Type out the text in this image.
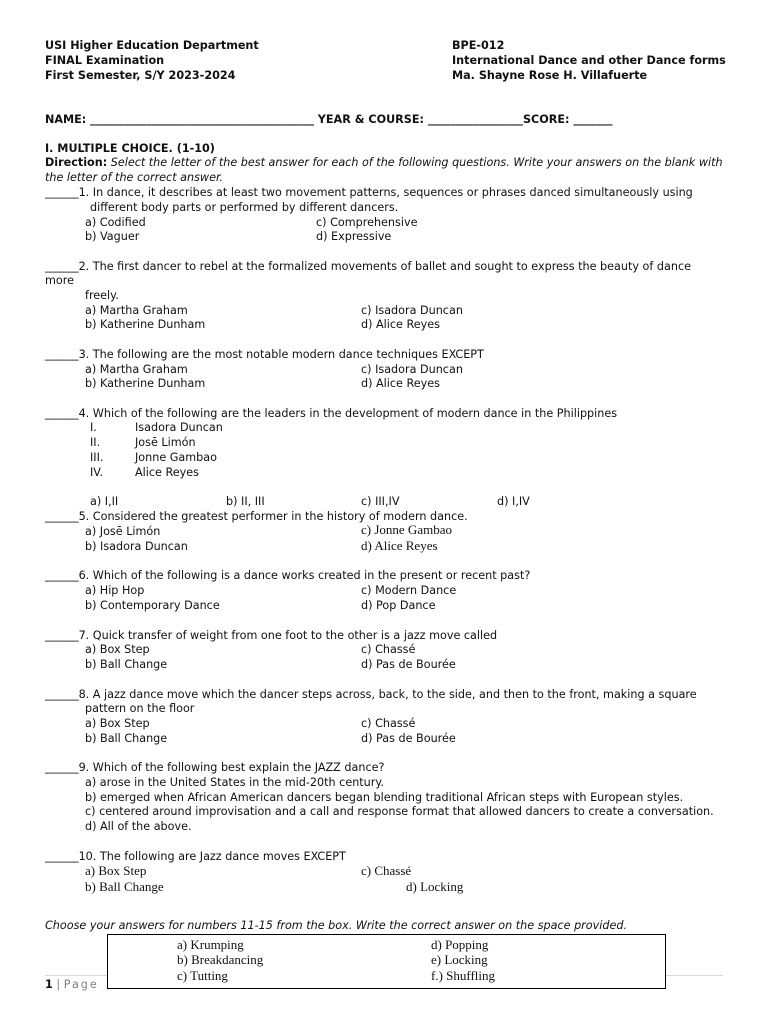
USI Higher Education Department
FINAL Examination
First Semester, S/Y 2023-2024
BPE-012
International Dance and other Dance forms
Ma. Shayne Rose H. Villafuerte
NAME: ________________________________________ YEAR & COURSE: _________________SCORE: _______
I. MULTIPLE CHOICE. (1-10)
Direction: Select the letter of the best answer for each of the following questions. Write your answers on the blank with
the letter of the correct answer.
______1. In dance, it describes at least two movement patterns, sequences or phrases danced simultaneously using
different body parts or performed by different dancers.
a) Codified
b) Vaguer
c) Comprehensive
d) Expressive
______2. The first dancer to rebel at the formalized movements of ballet and sought to express the beauty of dance
more
freely.
a) Martha Graham
b) Katherine Dunham
c) Isadora Duncan
d) Alice Reyes
______3. The following are the most notable modern dance techniques EXCEPT
a) Martha Graham
b) Katherine Dunham
c) Isadora Duncan
d) Alice Reyes
______4. Which of the following are the leaders in the development of modern dance in the Philippines
I.	Isadora Duncan
II.	Josē Limón
III.	Jonne Gambao
IV.	Alice Reyes
a) I,II	b) II, III	c) III,IV	d) I,IV
______5. Considered the greatest performer in the history of modern dance.
a) Josē Limón
b) Isadora Duncan
c) Jonne Gambao
d) Alice Reyes
______6. Which of the following is a dance works created in the present or recent past?
a) Hip Hop
b) Contemporary Dance
c) Modern Dance
d) Pop Dance
______7. Quick transfer of weight from one foot to the other is a jazz move called
a) Box Step
b) Ball Change
c) Chassé
d) Pas de Bourée
______8. A jazz dance move which the dancer steps across, back, to the side, and then to the front, making a square
pattern on the floor
a) Box Step
b) Ball Change
c) Chassé
d) Pas de Bourée
______9. Which of the following best explain the JAZZ dance?
a) arose in the United States in the mid-20th century.
b) emerged when African American dancers began blending traditional African steps with European styles.
c) centered around improvisation and a call and response format that allowed dancers to create a conversation.
d) All of the above.
______10. The following are Jazz dance moves EXCEPT
a) Box Step
b) Ball Change
c) Chassé
d) Locking
Choose your answers for numbers 11-15 from the box. Write the correct answer on the space provided.
1 | Page
a) Krumping
b) Breakdancing
c) Tutting
d) Popping
e) Locking
f.) Shuffling
